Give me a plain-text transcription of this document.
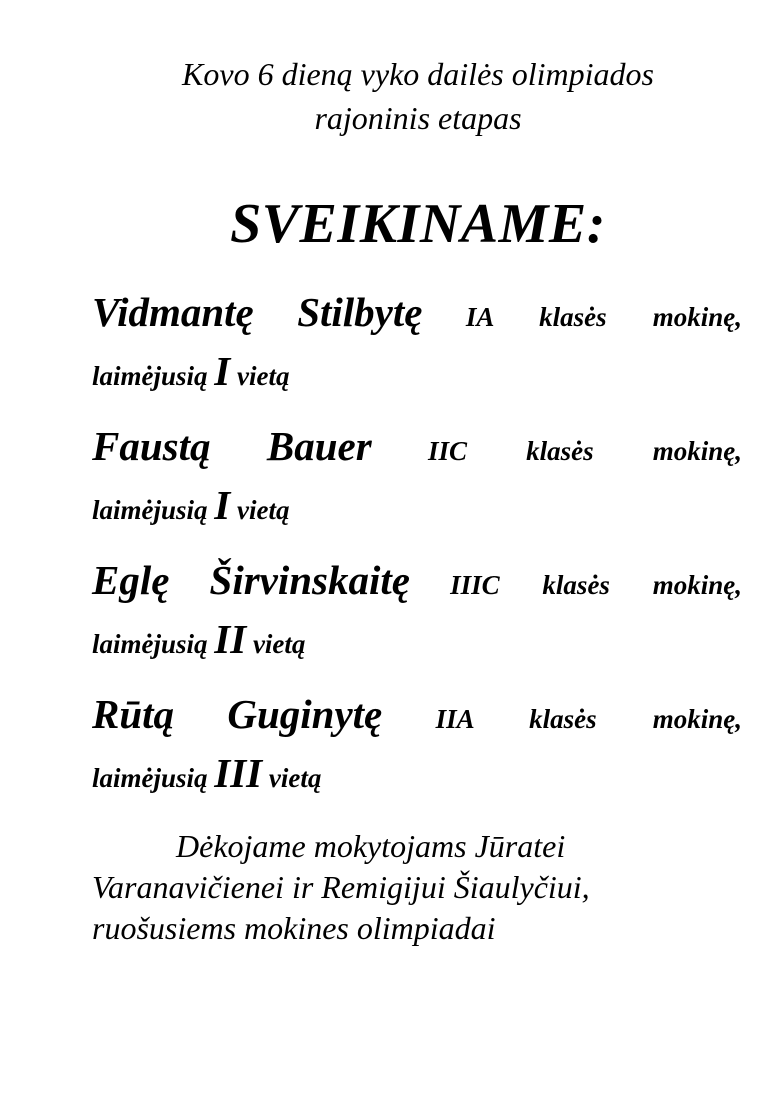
Kovo 6 dieną vyko dailės olimpiados
rajoninis etapas
SVEIKINAME:
Vidmantę Stilbytę IA klasės mokinę,
laimėjusią I vietą
Faustą Bauer IIC klasės mokinę,
laimėjusią I vietą
Eglę Širvinskaitę IIIC klasės mokinę,
laimėjusią II vietą
Rūtą Guginytę IIA klasės mokinę,
laimėjusią III vietą
Dėkojame mokytojams Jūratei
Varanavičienei ir Remigijui Šiaulyčiui,
ruošusiems mokines olimpiadai
